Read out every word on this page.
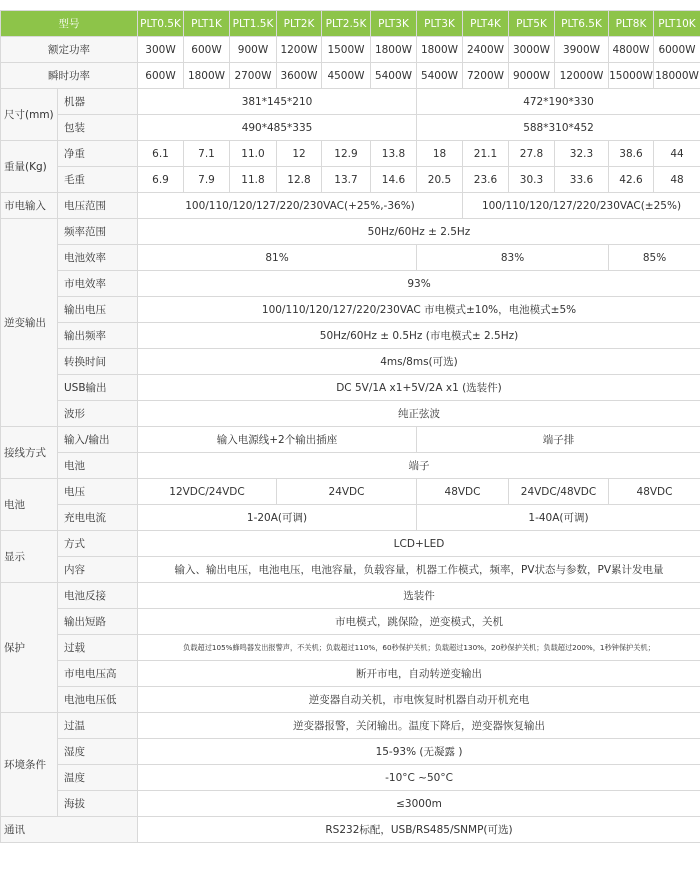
型号		PLT0.5K	PLT1K	PLT1.5K	PLT2K	PLT2.5K	PLT3K	PLT3K	PLT4K	PLT5K	PLT6.5K	PLT8K	PLT10K
额定功率		300W	600W	900W	1200W	1500W	1800W	1800W	2400W	3000W	3900W	4800W	6000W
瞬时功率		600W	1800W	2700W	3600W	4500W	5400W	5400W	7200W	9000W	12000W	15000W	18000W
尺寸(mm)	机器	381*145*210						472*190*330					
	包装	490*485*335						588*310*452					
重量(Kg)	净重	6.1	7.1	11.0	12	12.9	13.8	18	21.1	27.8	32.3	38.6	44
	毛重	6.9	7.9	11.8	12.8	13.7	14.6	20.5	23.6	30.3	33.6	42.6	48
市电输入	电压范围	100/110/120/127/220/230VAC(+25%,-36%)							100/110/120/127/220/230VAC(±25%)				
逆变输出	频率范围	50Hz/60Hz ± 2.5Hz											
	电池效率	81%						83%				85%	
	市电效率	93%											
	输出电压	100/110/120/127/220/230VAC 市电模式±10%，电池模式±5%											
	输出频率	50Hz/60Hz ± 0.5Hz (市电模式± 2.5Hz)											
	转换时间	4ms/8ms(可选)											
	USB输出	DC 5V/1A x1+5V/2A x1 (选装件)											
	波形	纯正弦波											
接线方式	输入/输出	输入电源线+2个输出插座						端子排					
	电池	端子											
电池	电压	12VDC/24VDC			24VDC			48VDC		24VDC/48VDC		48VDC	
	充电电流	1-20A(可调)						1-40A(可调)					
显示	方式	LCD+LED											
	内容	输入、输出电压，电池电压，电池容量，负载容量，机器工作模式，频率，PV状态与参数，PV累计发电量											
保护	电池反接	选装件											
	输出短路	市电模式，跳保险，逆变模式，关机											
	过载	负载超过105%蜂鸣器发出报警声，不关机；负载超过110%，60秒保护关机；负载超过130%，20秒保护关机；负载超过200%，1秒钟保护关机；											
	市电电压高	断开市电，自动转逆变输出											
	电池电压低	逆变器自动关机，市电恢复时机器自动开机充电											
环境条件	过温	逆变器报警，关闭输出。温度下降后，逆变器恢复输出											
	湿度	15-93% (无凝露 )											
	温度	-10°C ~50°C											
	海拔	≤3000m											
通讯		RS232标配，USB/RS485/SNMP(可选)											
